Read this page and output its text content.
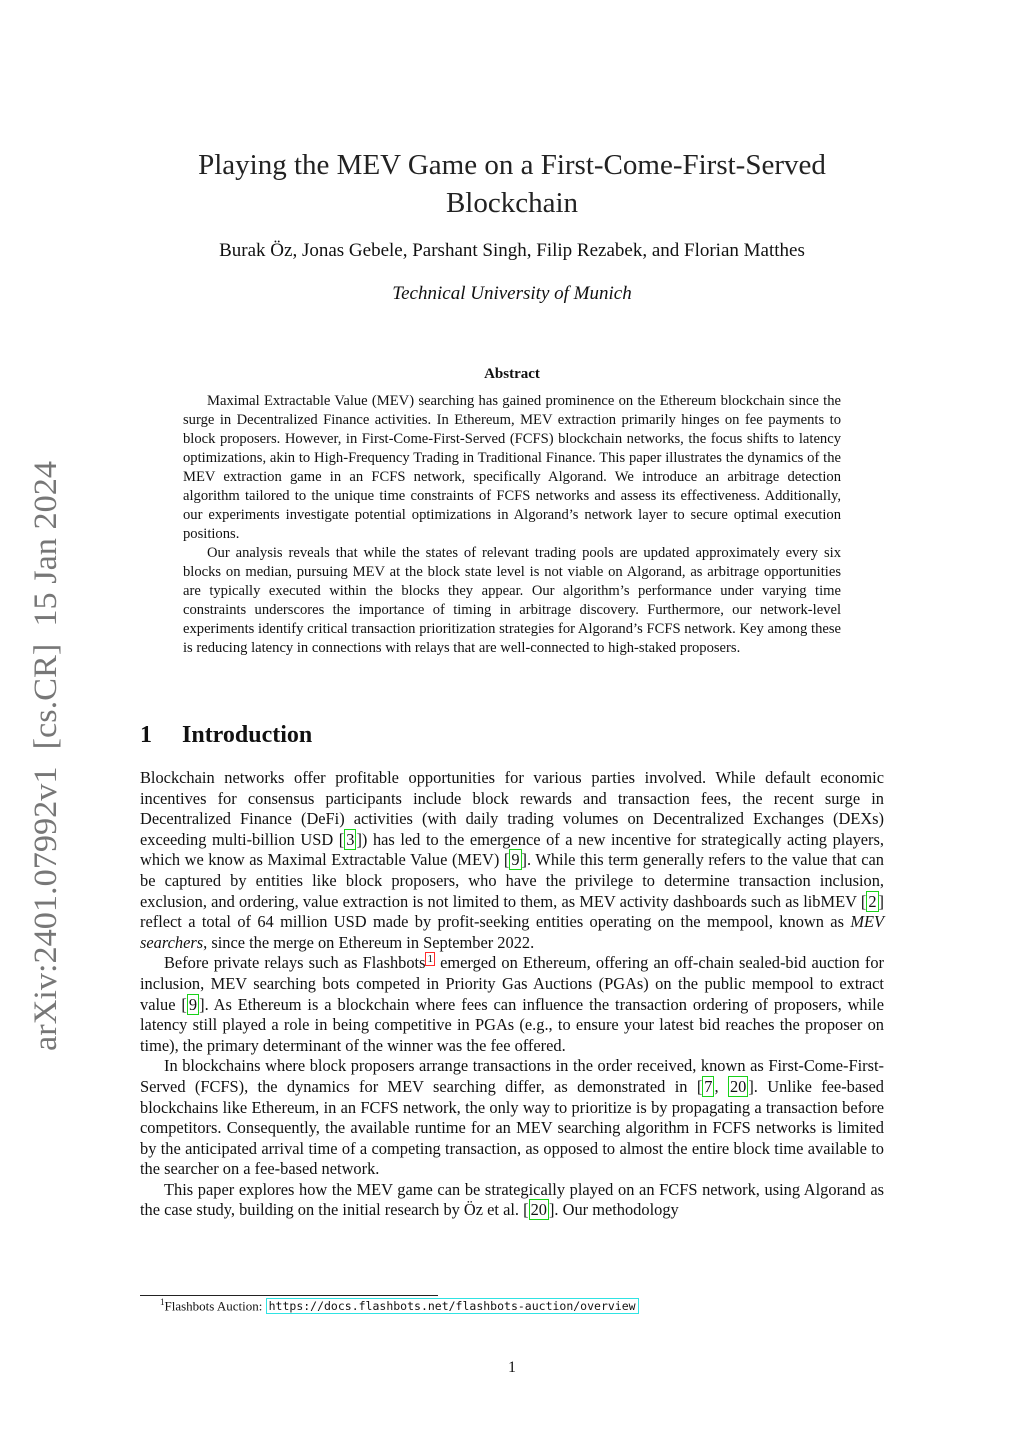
arXiv:2401.07992v1  [cs.CR]  15 Jan 2024
Playing the MEV Game on a First-Come-First-Served Blockchain
Burak Öz, Jonas Gebele, Parshant Singh, Filip Rezabek, and Florian Matthes
Technical University of Munich
Abstract

Maximal Extractable Value (MEV) searching has gained prominence on the Ethereum blockchain since the surge in Decentralized Finance activities. In Ethereum, MEV extraction primarily hinges on fee payments to block proposers. However, in First-Come-First-Served (FCFS) blockchain networks, the focus shifts to latency optimizations, akin to High-Frequency Trading in Traditional Finance. This paper illustrates the dynamics of the MEV extraction game in an FCFS network, specifically Algorand. We introduce an arbitrage detection algorithm tailored to the unique time constraints of FCFS networks and assess its effectiveness. Additionally, our experiments investigate potential optimizations in Algorand’s network layer to secure optimal execution positions.

Our analysis reveals that while the states of relevant trading pools are updated approximately every six blocks on median, pursuing MEV at the block state level is not viable on Algorand, as arbitrage opportunities are typically executed within the blocks they appear. Our algorithm’s performance under varying time constraints underscores the importance of timing in arbitrage discovery. Furthermore, our network-level experiments identify critical transaction prioritization strategies for Algorand’s FCFS network. Key among these is reducing latency in connections with relays that are well-connected to high-staked proposers.

1 Introduction

Blockchain networks offer profitable opportunities for various parties involved. While default economic incentives for consensus participants include block rewards and transaction fees, the recent surge in Decentralized Finance (DeFi) activities (with daily trading volumes on Decentralized Exchanges (DEXs) exceeding multi-billion USD [ 3 ]) has led to the emergence of a new incentive for strategically acting players, which we know as Maximal Extractable Value (MEV) [ 9 ]. While this term generally refers to the value that can be captured by entities like block proposers, who have the privilege to determine transaction inclusion, exclusion, and ordering, value extraction is not limited to them, as MEV activity dashboards such as libMEV [ 2 ] reflect a total of 64 million USD made by profit-seeking entities operating on the mempool, known as MEV searchers, since the merge on Ethereum in September 2022.

Before private relays such as Flashbots $^1$ emerged on Ethereum, offering an off-chain sealed-bid auction for inclusion, MEV searching bots competed in Priority Gas Auctions (PGAs) on the public mempool to extract value [ 9 ]. As Ethereum is a blockchain where fees can influence the transaction ordering of proposers, while latency still played a role in being competitive in PGAs (e.g., to ensure your latest bid reaches the proposer on time), the primary determinant of the winner was the fee offered.

In blockchains where block proposers arrange transactions in the order received, known as First-Come-First-Served (FCFS), the dynamics for MEV searching differ, as demonstrated in [ 7 , 20 ]. Unlike fee-based blockchains like Ethereum, in an FCFS network, the only way to prioritize is by propagating a transaction before competitors. Consequently, the available runtime for an MEV searching algorithm in FCFS networks is limited by the anticipated arrival time of a competing transaction, as opposed to almost the entire block time available to the searcher on a fee-based network.

This paper explores how the MEV game can be strategically played on an FCFS network, using Algorand as the case study, building on the initial research by Öz et al. [ 20 ]. Our methodology

$^1$Flashbots Auction: https://docs.flashbots.net/flashbots-auction/overview
1
